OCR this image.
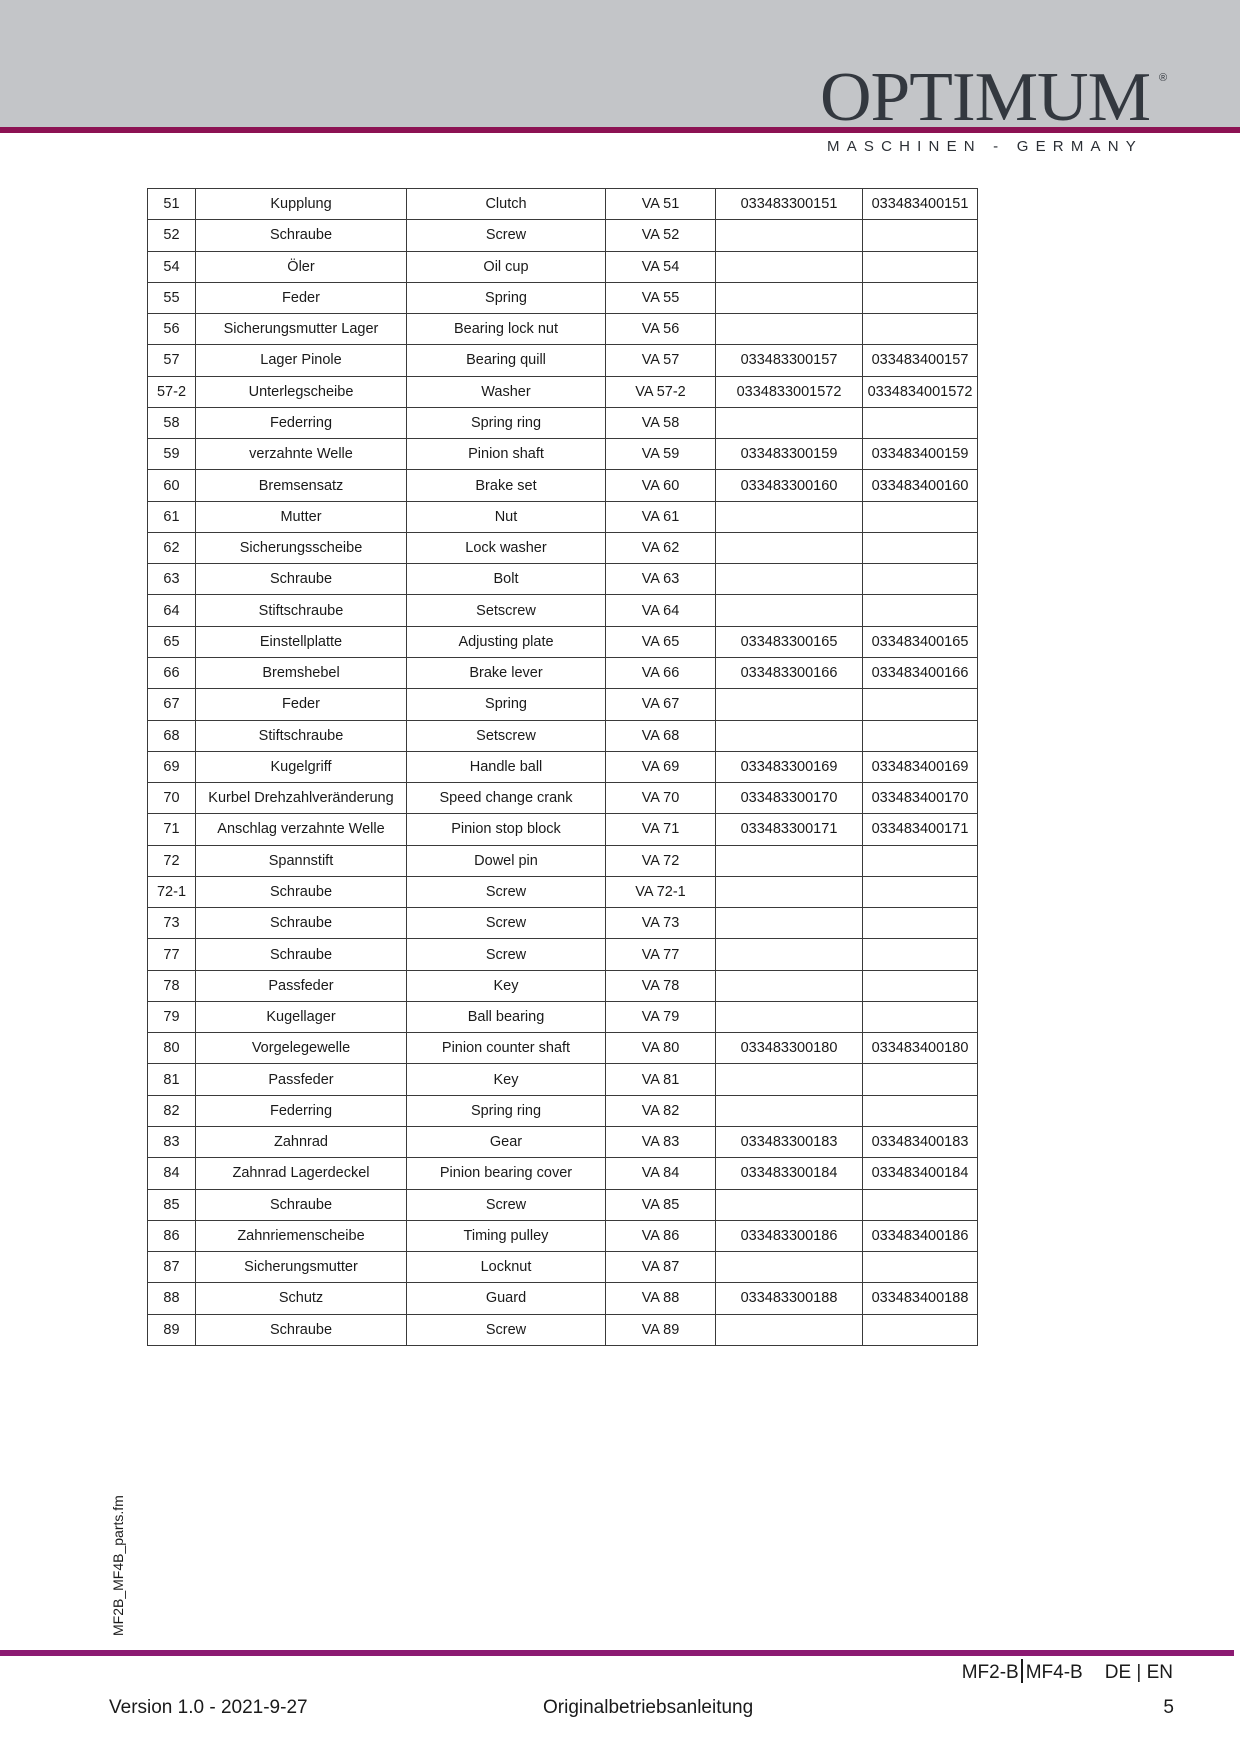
OPTIMUM ®
MASCHINEN - GERMANY
51	Kupplung	Clutch	VA 51	033483300151	033483400151
52	Schraube	Screw	VA 52		
54	Öler	Oil cup	VA 54		
55	Feder	Spring	VA 55		
56	Sicherungsmutter Lager	Bearing lock nut	VA 56		
57	Lager Pinole	Bearing quill	VA 57	033483300157	033483400157
57-2	Unterlegscheibe	Washer	VA 57-2	0334833001572	0334834001572
58	Federring	Spring ring	VA 58		
59	verzahnte Welle	Pinion shaft	VA 59	033483300159	033483400159
60	Bremsensatz	Brake set	VA 60	033483300160	033483400160
61	Mutter	Nut	VA 61		
62	Sicherungsscheibe	Lock washer	VA 62		
63	Schraube	Bolt	VA 63		
64	Stiftschraube	Setscrew	VA 64		
65	Einstellplatte	Adjusting plate	VA 65	033483300165	033483400165
66	Bremshebel	Brake lever	VA 66	033483300166	033483400166
67	Feder	Spring	VA 67		
68	Stiftschraube	Setscrew	VA 68		
69	Kugelgriff	Handle ball	VA 69	033483300169	033483400169
70	Kurbel Drehzahlveränderung	Speed change crank	VA 70	033483300170	033483400170
71	Anschlag verzahnte Welle	Pinion stop block	VA 71	033483300171	033483400171
72	Spannstift	Dowel pin	VA 72		
72-1	Schraube	Screw	VA 72-1		
73	Schraube	Screw	VA 73		
77	Schraube	Screw	VA 77		
78	Passfeder	Key	VA 78		
79	Kugellager	Ball bearing	VA 79		
80	Vorgelegewelle	Pinion counter shaft	VA 80	033483300180	033483400180
81	Passfeder	Key	VA 81		
82	Federring	Spring ring	VA 82		
83	Zahnrad	Gear	VA 83	033483300183	033483400183
84	Zahnrad Lagerdeckel	Pinion bearing cover	VA 84	033483300184	033483400184
85	Schraube	Screw	VA 85		
86	Zahnriemenscheibe	Timing pulley	VA 86	033483300186	033483400186
87	Sicherungsmutter	Locknut	VA 87		
88	Schutz	Guard	VA 88	033483300188	033483400188
89	Schraube	Screw	VA 89		
MF2B_MF4B_parts.fm
MF2-B MF4-B DE | EN
Version 1.0 - 2021-9-27	Originalbetriebsanleitung	5
